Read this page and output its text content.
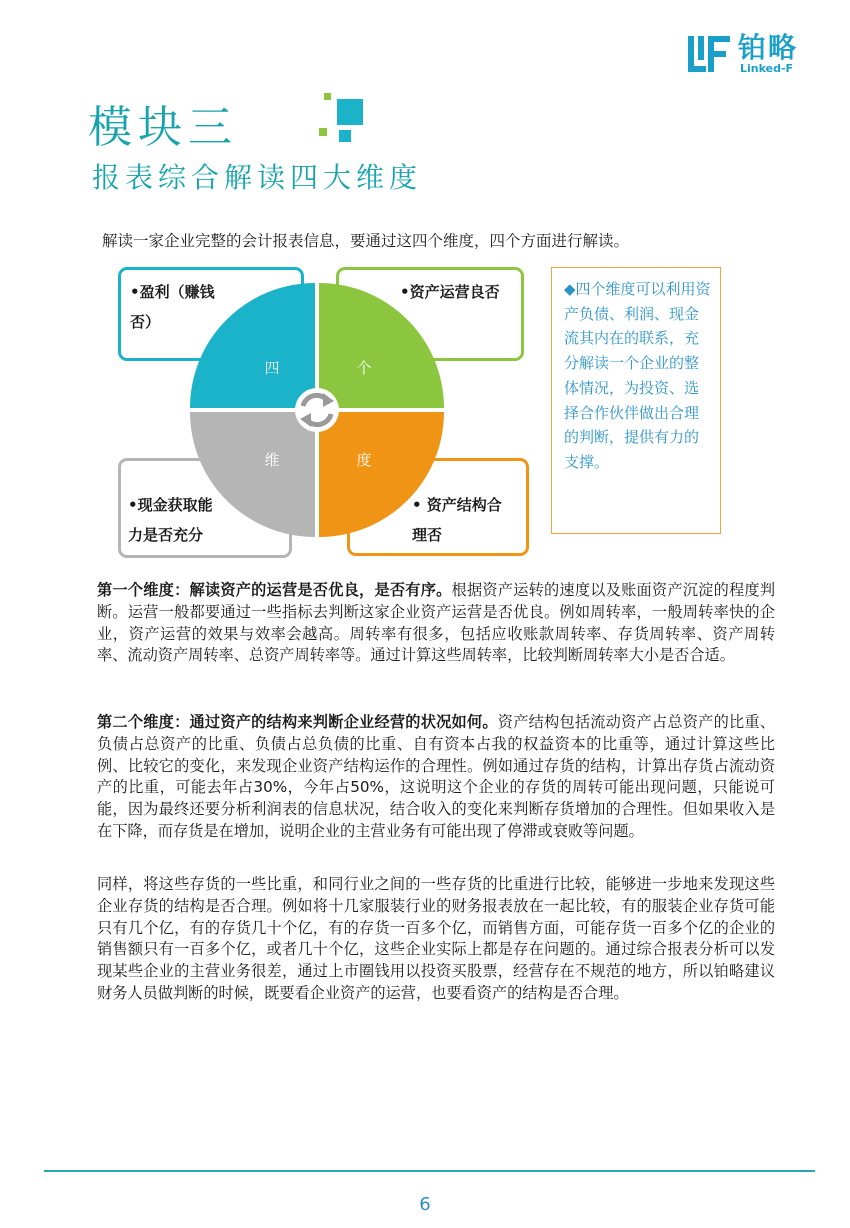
铂略
Linked-F
模块三
报表综合解读四大维度
解读一家企业完整的会计报表信息，要通过这四个维度，四个方面进行解读。
四	个
维	度
•盈利（赚钱否）
•资产运营良否
•现金获取能力是否充分
• 资产结构合理否
◆四个维度可以利用资产负债、利润、现金流其内在的联系，充分解读一个企业的整体情况，为投资、选择合作伙伴做出合理的判断，提供有力的支撑。
第一个维度：解读资产的运营是否优良，是否有序。根据资产运转的速度以及账面资产沉淀的程度判断。运营一般都要通过一些指标去判断这家企业资产运营是否优良。例如周转率，一般周转率快的企业，资产运营的效果与效率会越高。周转率有很多，包括应收账款周转率、存货周转率、资产周转率、流动资产周转率、总资产周转率等。通过计算这些周转率，比较判断周转率大小是否合适。
第二个维度：通过资产的结构来判断企业经营的状况如何。资产结构包括流动资产占总资产的比重、负债占总资产的比重、负债占总负债的比重、自有资本占我的权益资本的比重等，通过计算这些比例、比较它的变化，来发现企业资产结构运作的合理性。例如通过存货的结构，计算出存货占流动资产的比重，可能去年占30%，今年占50%，这说明这个企业的存货的周转可能出现问题，只能说可能，因为最终还要分析利润表的信息状况，结合收入的变化来判断存货增加的合理性。但如果收入是在下降，而存货是在增加，说明企业的主营业务有可能出现了停滞或衰败等问题。
同样，将这些存货的一些比重，和同行业之间的一些存货的比重进行比较，能够进一步地来发现这些企业存货的结构是否合理。例如将十几家服装行业的财务报表放在一起比较，有的服装企业存货可能只有几个亿，有的存货几十个亿，有的存货一百多个亿，而销售方面，可能存货一百多个亿的企业的销售额只有一百多个亿，或者几十个亿，这些企业实际上都是存在问题的。通过综合报表分析可以发现某些企业的主营业务很差，通过上市圈钱用以投资买股票，经营存在不规范的地方，所以铂略建议财务人员做判断的时候，既要看企业资产的运营，也要看资产的结构是否合理。
6
